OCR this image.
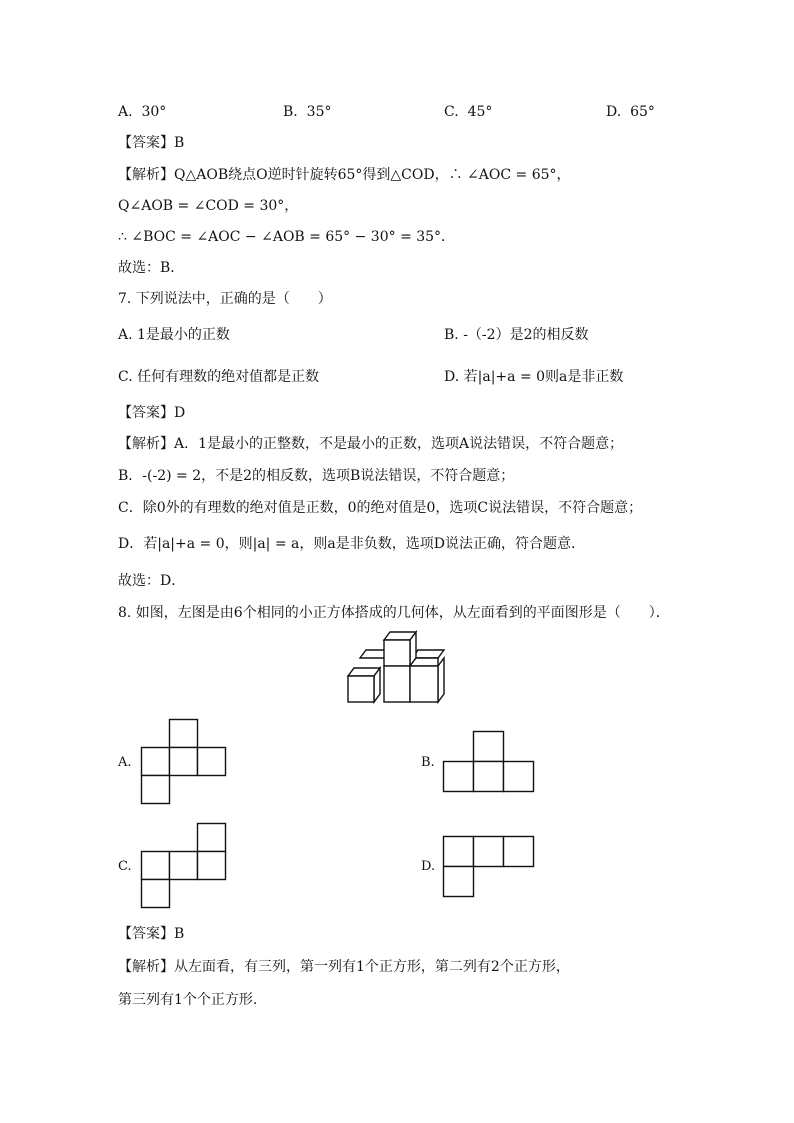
A. 30°	B. 35°	C. 45°	D. 65°
【答案】B
【解析】Q△AOB绕点O逆时针旋转65°得到△COD，∴ ∠AOC = 65°，
Q∠AOB = ∠COD = 30°，
∴ ∠BOC = ∠AOC − ∠AOB = 65° − 30° = 35°．
故选：B．
7. 下列说法中，正确的是（　　）
A. 1是最小的正数	B. -（-2）是2的相反数
C. 任何有理数的绝对值都是正数	D. 若|a|+a = 0则a是非正数
【答案】D
【解析】A．1是最小的正整数，不是最小的正数，选项A说法错误，不符合题意；
B．-(-2) = 2，不是2的相反数，选项B说法错误，不符合题意；
C．除0外的有理数的绝对值是正数，0的绝对值是0，选项C说法错误，不符合题意；
D．若|a|+a = 0，则|a| = a，则a是非负数，选项D说法正确，符合题意．
故选：D．
8. 如图，左图是由6个相同的小正方体搭成的几何体，从左面看到的平面图形是（　　）．
A.	B.
C.	D.
【答案】B
【解析】从左面看，有三列，第一列有1个正方形，第二列有2个正方形，
第三列有1个个正方形.
